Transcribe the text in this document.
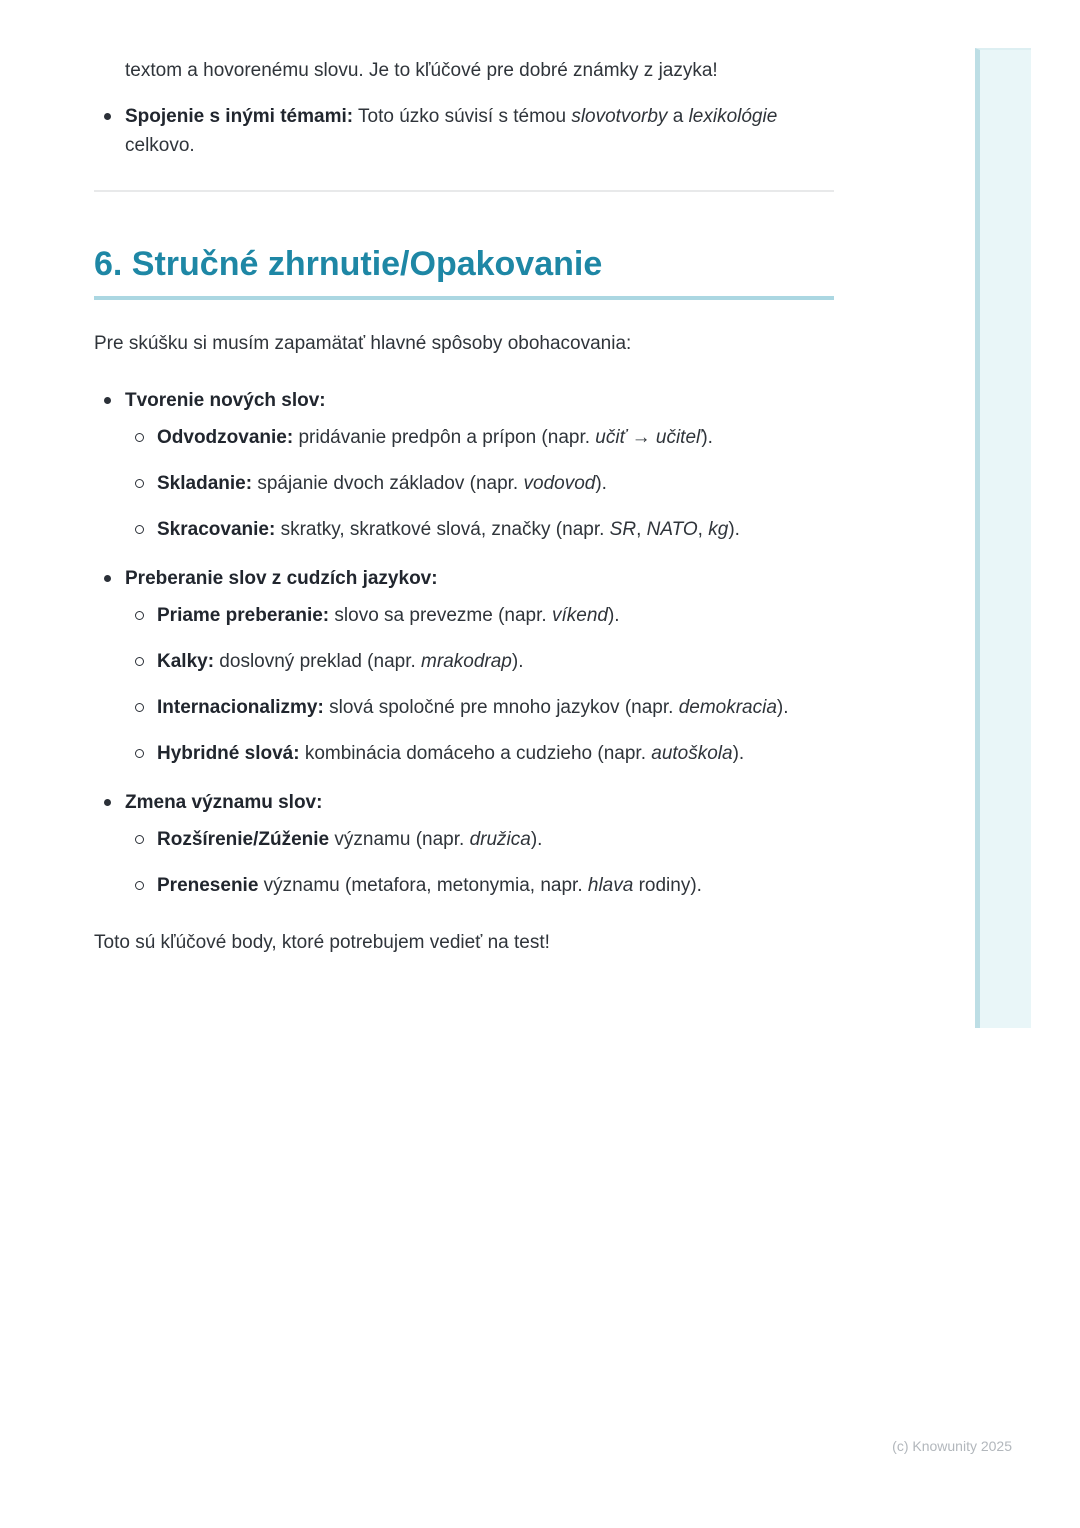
textom a hovorenému slovu. Je to kľúčové pre dobré známky z jazyka!

Spojenie s inými témami: Toto úzko súvisí s témou slovotvorby a lexikológie celkovo.
6. Stručné zhrnutie/Opakovanie

Pre skúšku si musím zapamätať hlavné spôsoby obohacovania:

Tvorenie nových slov:
Odvodzovanie: pridávanie predpôn a prípon (napr. učiť → učiteľ).
Skladanie: spájanie dvoch základov (napr. vodovod).
Skracovanie: skratky, skratkové slová, značky (napr. SR, NATO, kg).
Preberanie slov z cudzích jazykov:
Priame preberanie: slovo sa prevezme (napr. víkend).
Kalky: doslovný preklad (napr. mrakodrap).
Internacionalizmy: slová spoločné pre mnoho jazykov (napr. demokracia).
Hybridné slová: kombinácia domáceho a cudzieho (napr. autoškola).
Zmena významu slov:
Rozšírenie/Zúženie významu (napr. družica).
Prenesenie významu (metafora, metonymia, napr. hlava rodiny).

Toto sú kľúčové body, ktoré potrebujem vedieť na test!

(c) Knowunity 2025
